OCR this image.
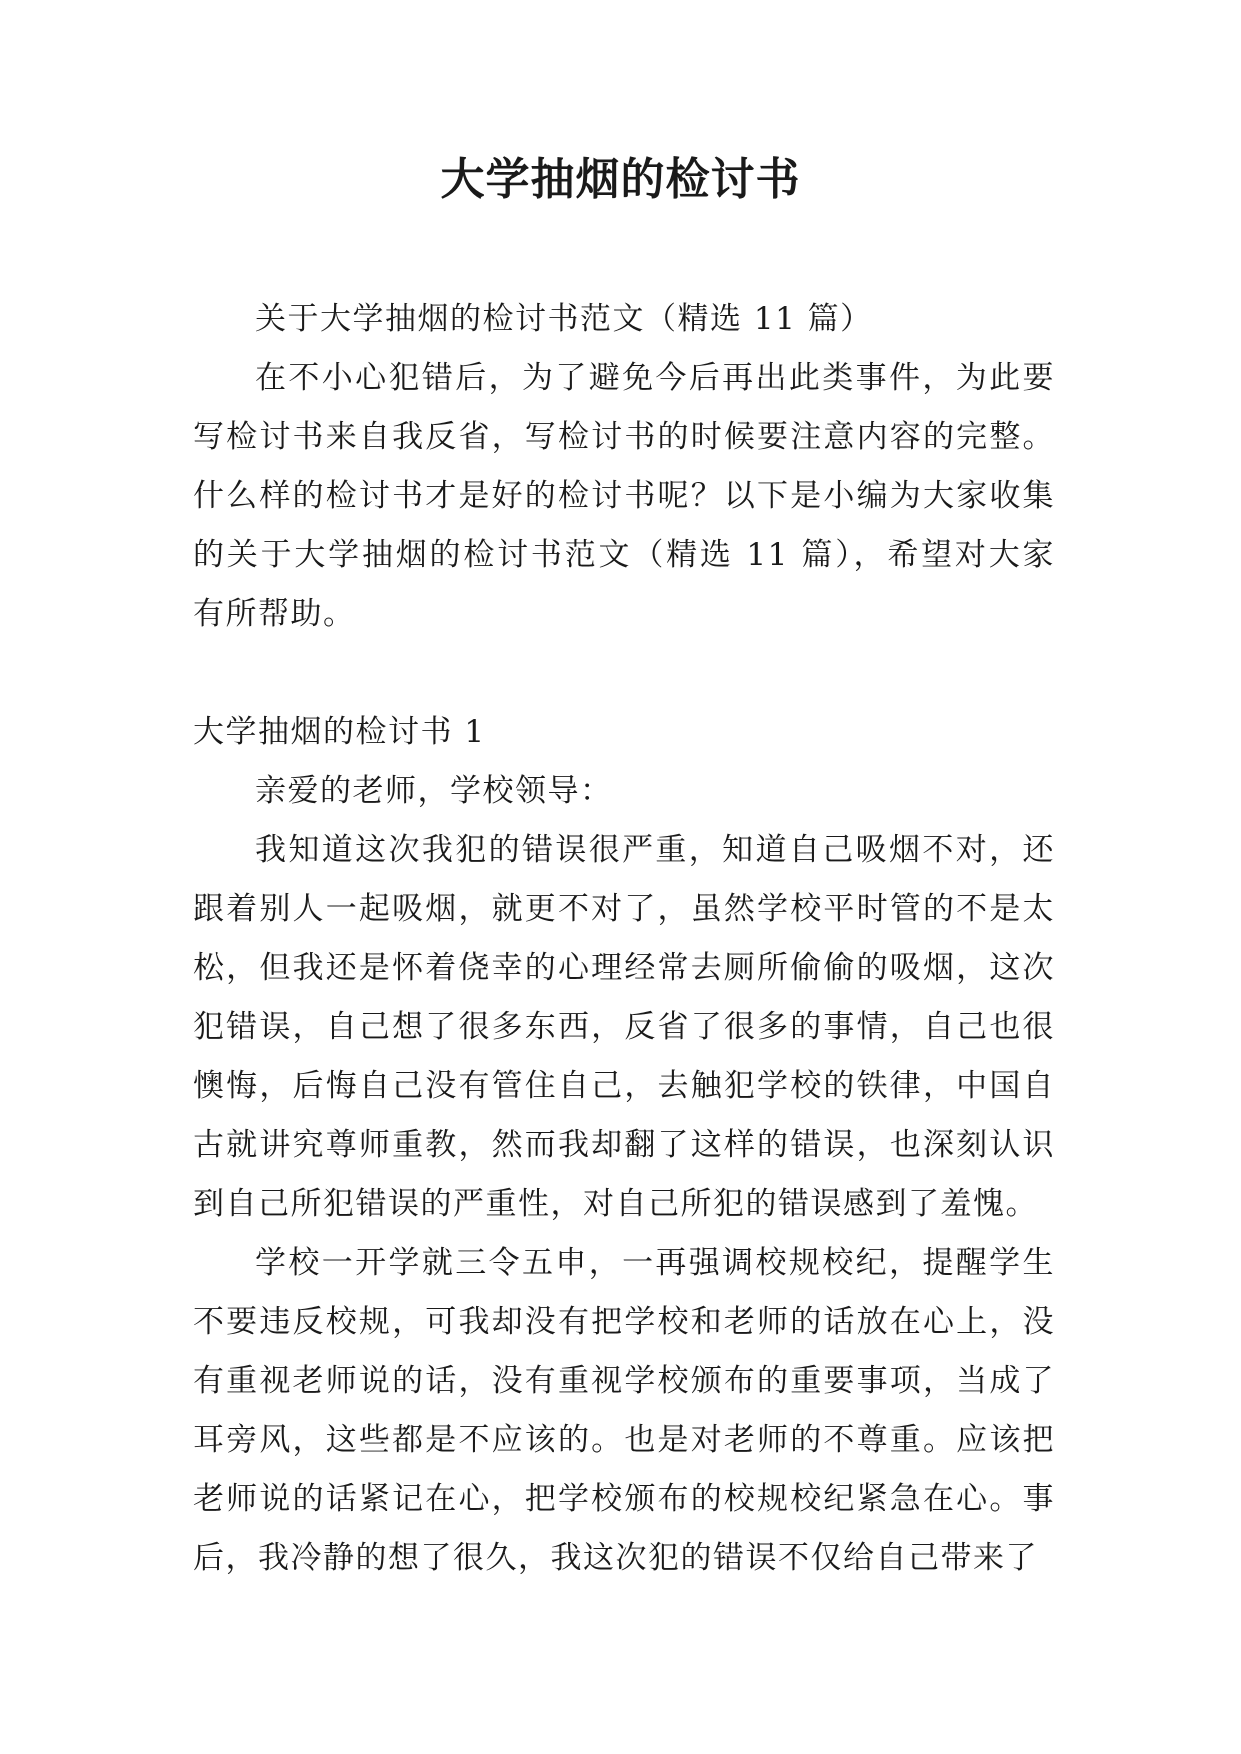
大学抽烟的检讨书

关于大学抽烟的检讨书范文（精选 11 篇）

在不小心犯错后，为了避免今后再出此类事件，为此要写检讨书来自我反省，写检讨书的时候要注意内容的完整。什么样的检讨书才是好的检讨书呢？以下是小编为大家收集的关于大学抽烟的检讨书范文（精选 11 篇），希望对大家有所帮助。

大学抽烟的检讨书 1

亲爱的老师，学校领导：

我知道这次我犯的错误很严重，知道自己吸烟不对，还跟着别人一起吸烟，就更不对了，虽然学校平时管的不是太松，但我还是怀着侥幸的心理经常去厕所偷偷的吸烟，这次犯错误，自己想了很多东西，反省了很多的事情，自己也很懊悔，后悔自己没有管住自己，去触犯学校的铁律，中国自古就讲究尊师重教，然而我却翻了这样的错误，也深刻认识到自己所犯错误的严重性，对自己所犯的错误感到了羞愧。

学校一开学就三令五申，一再强调校规校纪，提醒学生不要违反校规，可我却没有把学校和老师的话放在心上，没有重视老师说的话，没有重视学校颁布的重要事项，当成了耳旁风，这些都是不应该的。也是对老师的不尊重。应该把老师说的话紧记在心，把学校颁布的校规校纪紧急在心。事后，我冷静的想了很久，我这次犯的错误不仅给自己带来了
